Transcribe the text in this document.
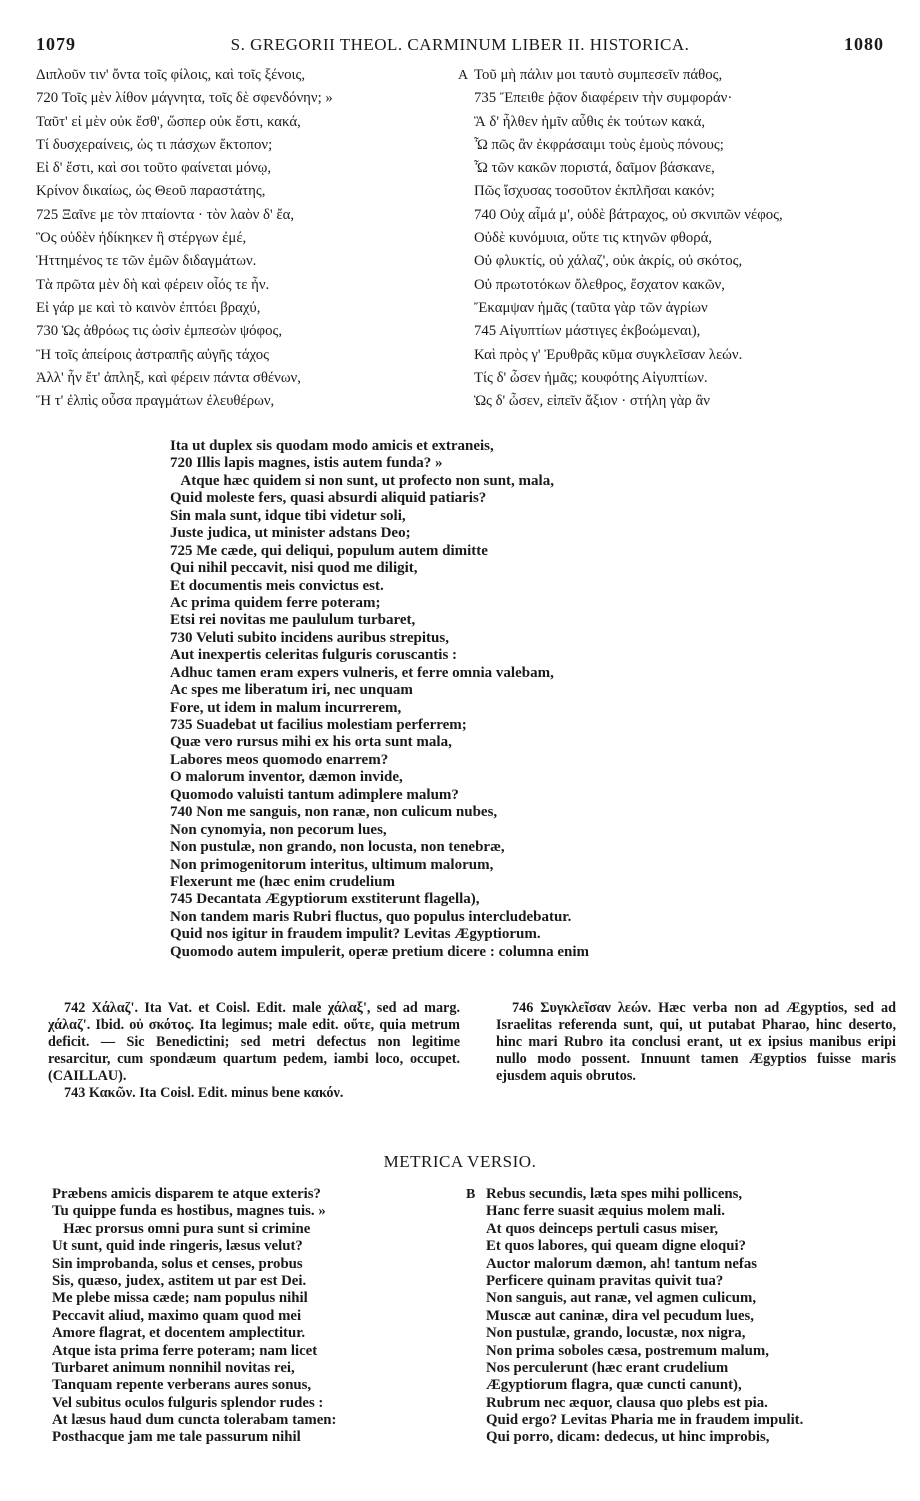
1079	S. GREGORII THEOL. CARMINUM LIBER II. HISTORICA.	1080
Διπλοῦν τιν' ὄντα τοῖς φίλοις, καὶ τοῖς ξένοις,
720 Τοῖς μὲν λίθον μάγνητα, τοῖς δὲ σφενδόνην; »
Ταῦτ' εἰ μὲν οὐκ ἔσθ', ὥσπερ οὐκ ἔστι, κακά,
Τί δυσχεραίνεις, ὡς τι πάσχων ἔκτοπον;
Εἰ δ' ἔστι, καὶ σοι τοῦτο φαίνεται μόνῳ,
Κρίνον δικαίως, ὡς Θεοῦ παραστάτης,
725 Ξαῖνε με τὸν πταίοντα · τὸν λαὸν δ' ἔα,
Ὃς οὐδὲν ἠδίκηκεν ἢ στέργων ἐμέ,
Ἡττημένος τε τῶν ἐμῶν διδαγμάτων.
Τὰ πρῶτα μὲν δὴ καὶ φέρειν οἷός τε ἦν.
Εἰ γάρ με καὶ τὸ καινὸν ἐπτόει βραχύ,
730 Ὡς ἀθρόως τις ὠσὶν ἐμπεσὼν ψόφος,
Ἢ τοῖς ἀπείροις ἀστραπῆς αὐγῆς τάχος
Ἀλλ' ἦν ἔτ' ἀπληξ, καὶ φέρειν πάντα σθένων,
Ἥ τ' ἐλπὶς οὖσα πραγμάτων ἐλευθέρων,
A Τοῦ μὴ πάλιν μοι ταυτὸ συμπεσεῖν πάθος,
735 Ἔπειθε ῥᾷον διαφέρειν τὴν συμφοράν·
Ἃ δ' ἦλθεν ἡμῖν αὖθις ἐκ τούτων κακά,
Ὦ πῶς ἂν ἐκφράσαιμι τοὺς ἐμοὺς πόνους;
Ὦ τῶν κακῶν ποριστά, δαῖμον βάσκανε,
Πῶς ἴσχυσας τοσοῦτον ἐκπλῆσαι κακόν;
740 Οὐχ αἷμά μ', οὐδὲ βάτραχος, οὐ σκνιπῶν νέφος,
Οὐδὲ κυνόμυια, οὔτε τις κτηνῶν φθορά,
Οὐ φλυκτίς, οὐ χάλαζ', οὐκ ἀκρίς, οὐ σκότος,
Οὐ πρωτοτόκων ὄλεθρος, ἔσχατον κακῶν,
Ἔκαμψαν ἡμᾶς (ταῦτα γὰρ τῶν ἀγρίων
745 Αἰγυπτίων μάστιγες ἐκβοώμεναι),
Καὶ πρὸς γ' Ἐρυθρᾶς κῦμα συγκλεῖσαν λεών.
Τίς δ' ὦσεν ἡμᾶς; κουφότης Αἰγυπτίων.
Ὡς δ' ὦσεν, εἰπεῖν ἄξιον · στήλη γὰρ ἂν
Ita ut duplex sis quodam modo amicis et extraneis,
720 Illis lapis magnes, istis autem funda? »
Atque hæc quidem si non sunt, ut profecto non sunt, mala,
Quid moleste fers, quasi absurdi aliquid patiaris?
Sin mala sunt, idque tibi videtur soli,
Juste judica, ut minister adstans Deo;
725 Me cæde, qui deliqui, populum autem dimitte
Qui nihil peccavit, nisi quod me diligit,
Et documentis meis convictus est.
Ac prima quidem ferre poteram;
Etsi rei novitas me paululum turbaret,
730 Veluti subito incidens auribus strepitus,
Aut inexpertis celeritas fulguris coruscantis :
Adhuc tamen eram expers vulneris, et ferre omnia valebam,
Ac spes me liberatum iri, nec unquam
Fore, ut idem in malum incurrerem,
735 Suadebat ut facilius molestiam perferrem;
Quæ vero rursus mihi ex his orta sunt mala,
Labores meos quomodo enarrem?
O malorum inventor, dæmon invide,
Quomodo valuisti tantum adimplere malum?
740 Non me sanguis, non ranæ, non culicum nubes,
Non cynomyia, non pecorum lues,
Non pustulæ, non grando, non locusta, non tenebræ,
Non primogenitorum interitus, ultimum malorum,
Flexerunt me (hæc enim crudelium
745 Decantata Ægyptiorum exstiterunt flagella),
Non tandem maris Rubri fluctus, quo populus intercludebatur.
Quid nos igitur in fraudem impulit? Levitas Ægyptiorum.
Quomodo autem impulerit, operæ pretium dicere : columna enim

742 Χάλαζ'. Ita Vat. et Coisl. Edit. male χάλαξ', sed ad marg. χάλαζ'. Ibid. οὐ σκότος. Ita legimus; male edit. οὔτε, quia metrum deficit. — Sic Benedictini; sed metri defectus non legitime resarcitur, cum spondæum quartum pedem, iambi loco, occupet. (CAILLAU).

743 Κακῶν. Ita Coisl. Edit. minus bene κακόν.

746 Συγκλεῖσαν λεών. Hæc verba non ad Ægyptios, sed ad Israelitas referenda sunt, qui, ut putabat Pharao, hinc deserto, hinc mari Rubro ita conclusi erant, ut ex ipsius manibus eripi nullo modo possent. Innuunt tamen Ægyptios fuisse maris ejusdem aquis obrutos.

METRICA VERSIO.
Præbens amicis disparem te atque exteris?
Tu quippe funda es hostibus, magnes tuis. »
Hæc prorsus omni pura sunt si crimine
Ut sunt, quid inde ringeris, læsus velut?
Sin improbanda, solus et censes, probus
Sis, quæso, judex, astitem ut par est Dei.
Me plebe missa cæde; nam populus nihil
Peccavit aliud, maximo quam quod mei
Amore flagrat, et docentem amplectitur.
Atque ista prima ferre poteram; nam licet
Turbaret animum nonnihil novitas rei,
Tanquam repente verberans aures sonus,
Vel subitus oculos fulguris splendor rudes :
At læsus haud dum cuncta tolerabam tamen:
Posthacque jam me tale passurum nihil
B Rebus secundis, læta spes mihi pollicens,
Hanc ferre suasit æquius molem mali.
At quos deinceps pertuli casus miser,
Et quos labores, qui queam digne eloqui?
Auctor malorum dæmon, ah! tantum nefas
Perficere quinam pravitas quivit tua?
Non sanguis, aut ranæ, vel agmen culicum,
Muscæ aut caninæ, dira vel pecudum lues,
Non pustulæ, grando, locustæ, nox nigra,
Non prima soboles cæsa, postremum malum,
Nos perculerunt (hæc erant crudelium
Ægyptiorum flagra, quæ cuncti canunt),
Rubrum nec æquor, clausa quo plebs est pia.
Quid ergo? Levitas Pharia me in fraudem impulit.
Qui porro, dicam: dedecus, ut hinc improbis,
